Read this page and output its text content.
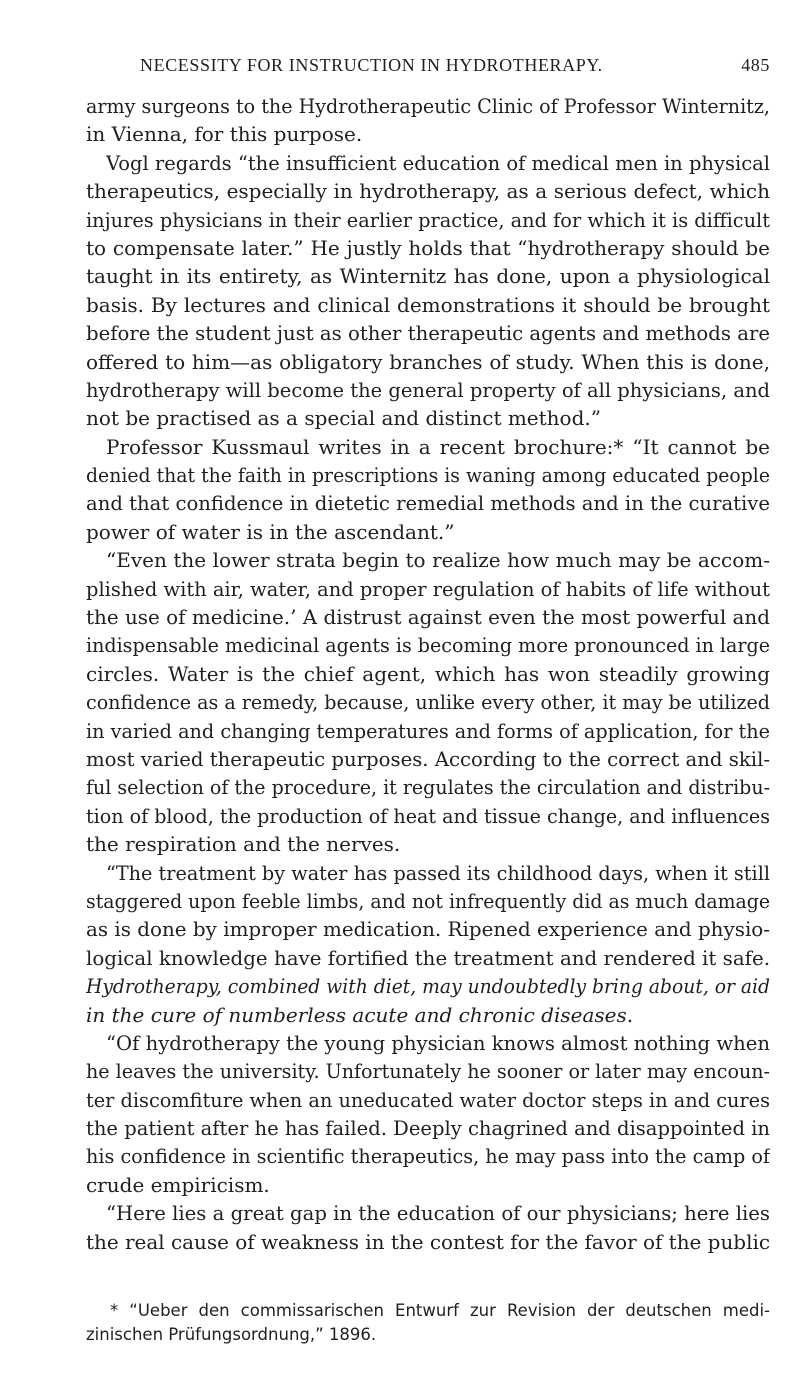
NECESSITY FOR INSTRUCTION IN HYDROTHERAPY.	485
army surgeons to the Hydrotherapeutic Clinic of Professor Winternitz,
in Vienna, for this purpose.
Vogl regards “the insufficient education of medical men in physical
therapeutics, especially in hydrotherapy, as a serious defect, which
injures physicians in their earlier practice, and for which it is difficult
to compensate later.” He justly holds that “hydrotherapy should be
taught in its entirety, as Winternitz has done, upon a physiological
basis. By lectures and clinical demonstrations it should be brought
before the student just as other therapeutic agents and methods are
offered to him—as obligatory branches of study. When this is done,
hydrotherapy will become the general property of all physicians, and
not be practised as a special and distinct method.”
Professor Kussmaul writes in a recent brochure:* “It cannot be
denied that the faith in prescriptions is waning among educated people
and that confidence in dietetic remedial methods and in the curative
power of water is in the ascendant.”
“Even the lower strata begin to realize how much may be accom-
plished with air, water, and proper regulation of habits of life without
the use of medicine.’ A distrust against even the most powerful and
indispensable medicinal agents is becoming more pronounced in large
circles. Water is the chief agent, which has won steadily growing
confidence as a remedy, because, unlike every other, it may be utilized
in varied and changing temperatures and forms of application, for the
most varied therapeutic purposes. According to the correct and skil-
ful selection of the procedure, it regulates the circulation and distribu-
tion of blood, the production of heat and tissue change, and influences
the respiration and the nerves.
“The treatment by water has passed its childhood days, when it still
staggered upon feeble limbs, and not infrequently did as much damage
as is done by improper medication. Ripened experience and physio-
logical knowledge have fortified the treatment and rendered it safe.
Hydrotherapy, combined with diet, may undoubtedly bring about, or aid
in the cure of numberless acute and chronic diseases.
“Of hydrotherapy the young physician knows almost nothing when
he leaves the university. Unfortunately he sooner or later may encoun-
ter discomfiture when an uneducated water doctor steps in and cures
the patient after he has failed. Deeply chagrined and disappointed in
his confidence in scientific therapeutics, he may pass into the camp of
crude empiricism.
“Here lies a great gap in the education of our physicians; here lies
the real cause of weakness in the contest for the favor of the public
* “Ueber den commissarischen Entwurf zur Revision der deutschen medi-
zinischen Prüfungsordnung,” 1896.
